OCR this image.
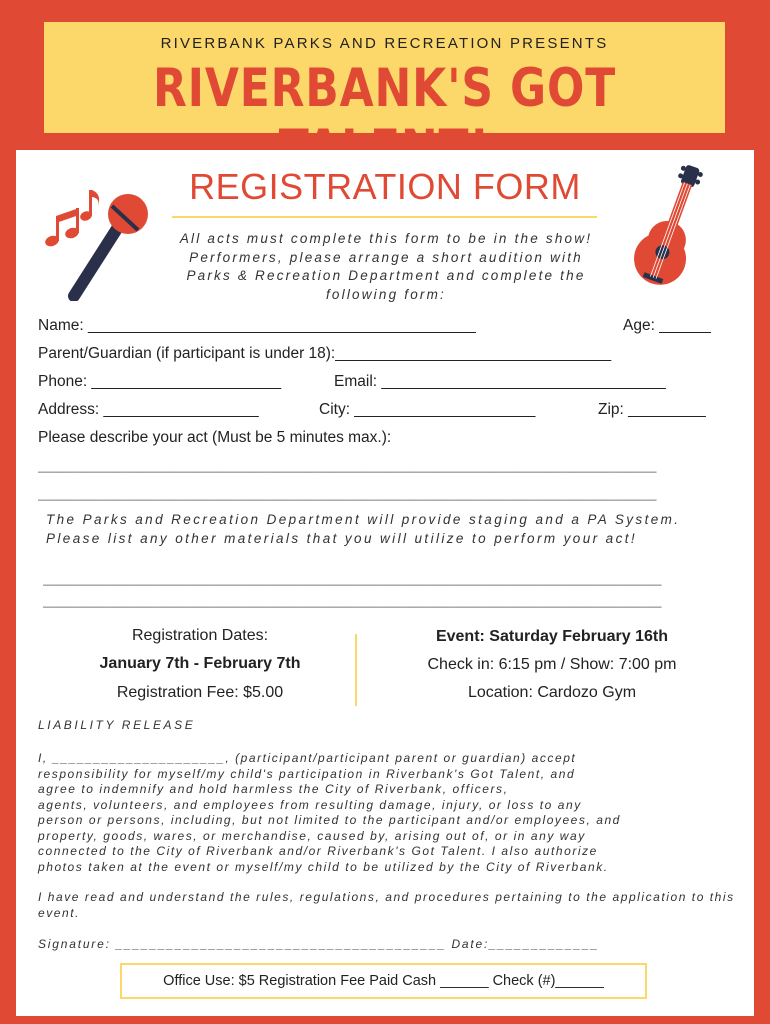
RIVERBANK PARKS AND RECREATION PRESENTS
RIVERBANK'S GOT
REGISTRATION FORM
All acts must complete this form to be in the show! Performers, please arrange a short audition with Parks & Recreation Department and complete the following form:
Name: _____________________________________________	Age: ______
Parent/Guardian (if participant is under 18):________________________________
Phone: ______________________	Email: _________________________________
Address: __________________	City: _____________________	Zip: _________
Please describe your act (Must be 5 minutes max.):
__________________________________________________________________________________________
__________________________________________________________________________________________
The Parks and Recreation Department will provide staging and a PA System. Please list any other materials that you will utilize to perform your act!
__________________________________________________________________________________________
__________________________________________________________________________________________
Registration Dates:
January 7th - February 7th
Registration Fee: $5.00
Event: Saturday February 16th
Check in: 6:15 pm / Show: 7:00 pm
Location: Cardozo Gym
LIABILITY RELEASE
I, _____________________, (participant/participant parent or guardian) accept
responsibility for myself/my child's participation in Riverbank's Got Talent, and
agree to indemnify and hold harmless the City of Riverbank, officers,
agents, volunteers, and employees from resulting damage, injury, or loss to any
person or persons, including, but not limited to the participant and/or employees, and
property, goods, wares, or merchandise, caused by, arising out of, or in any way
connected to the City of Riverbank and/or Riverbank's Got Talent. I also authorize
photos taken at the event or myself/my child to be utilized by the City of Riverbank.
I have read and understand the rules, regulations, and procedures pertaining to the application to this event.
Signature: _______________________________________ Date:_____________
Office Use: $5 Registration Fee Paid Cash ______ Check (#)______
